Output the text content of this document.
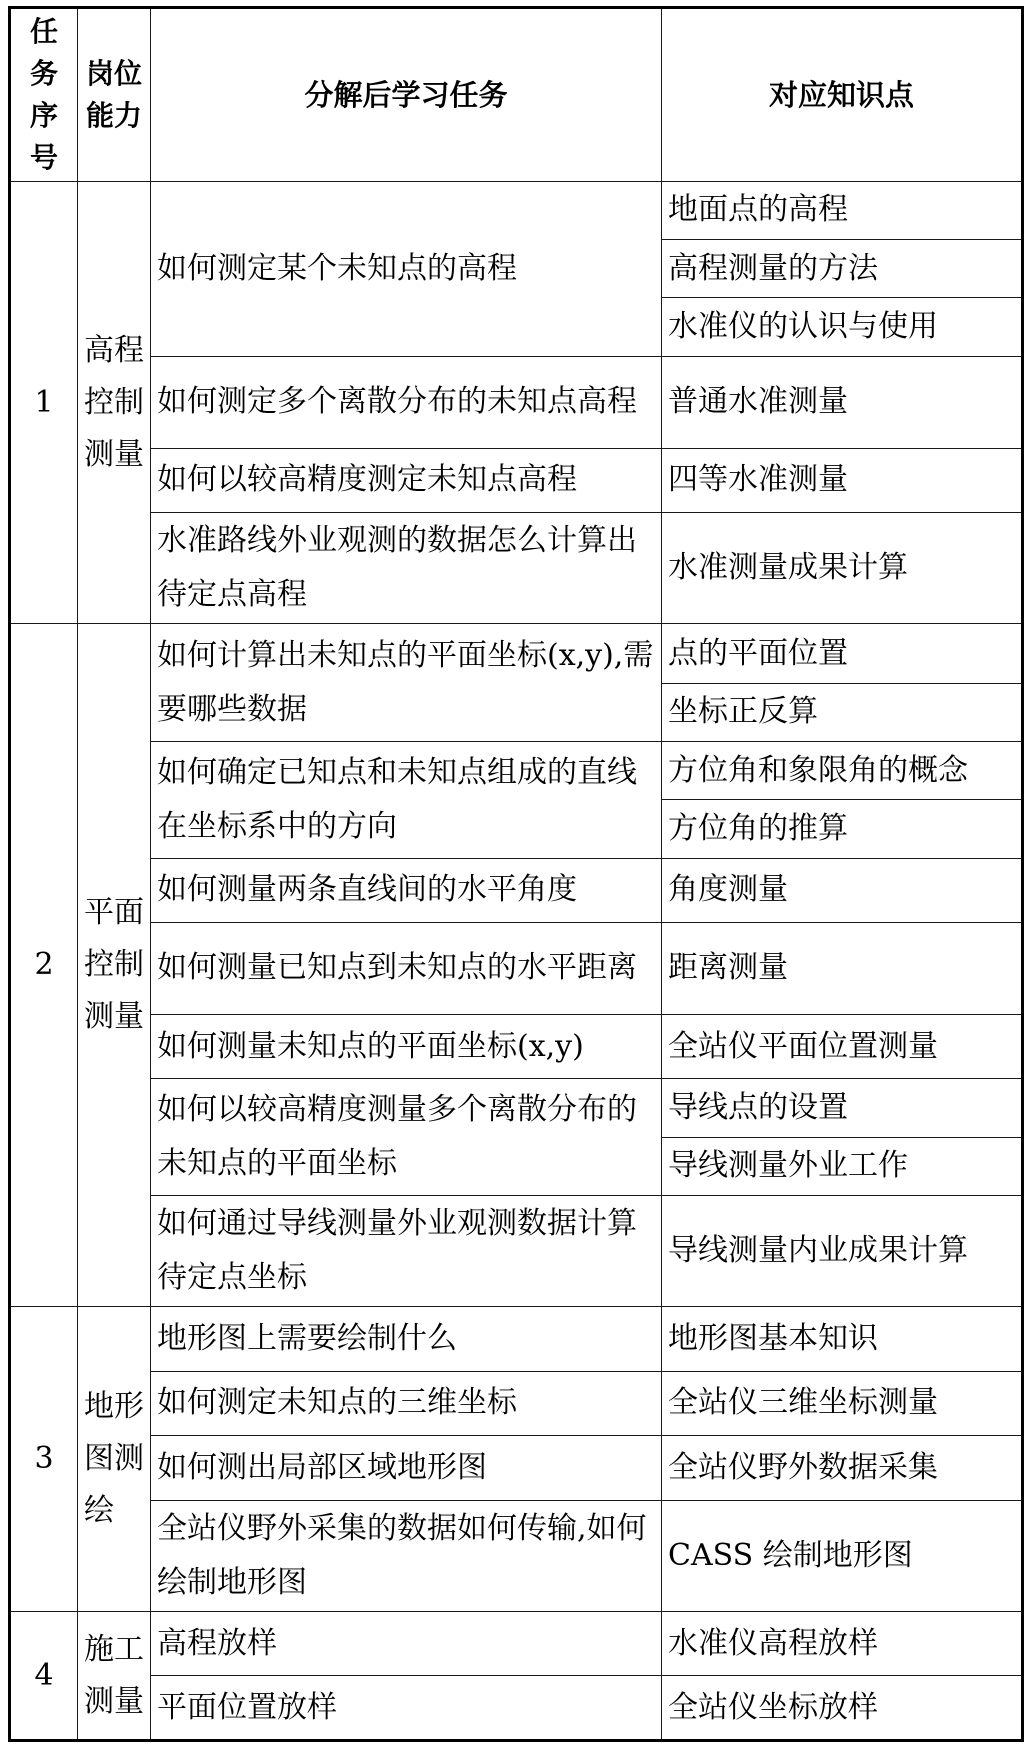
任务序号	岗位能力	分解后学习任务	对应知识点
1	高程控制测量	如何测定某个未知点的高程	地面点的高程
			高程测量的方法
			水准仪的认识与使用
		如何测定多个离散分布的未知点高程	普通水准测量
		如何以较高精度测定未知点高程	四等水准测量
		水准路线外业观测的数据怎么计算出待定点高程	水准测量成果计算
2	平面控制测量	如何计算出未知点的平面坐标(x,y),需要哪些数据	点的平面位置
			坐标正反算
		如何确定已知点和未知点组成的直线在坐标系中的方向	方位角和象限角的概念
			方位角的推算
		如何测量两条直线间的水平角度	角度测量
		如何测量已知点到未知点的水平距离	距离测量
		如何测量未知点的平面坐标(x,y)	全站仪平面位置测量
		如何以较高精度测量多个离散分布的未知点的平面坐标	导线点的设置
			导线测量外业工作
		如何通过导线测量外业观测数据计算待定点坐标	导线测量内业成果计算
3	地形图测绘	地形图上需要绘制什么	地形图基本知识
		如何测定未知点的三维坐标	全站仪三维坐标测量
		如何测出局部区域地形图	全站仪野外数据采集
		全站仪野外采集的数据如何传输,如何绘制地形图	CASS 绘制地形图
4	施工测量	高程放样	水准仪高程放样
		平面位置放样	全站仪坐标放样
